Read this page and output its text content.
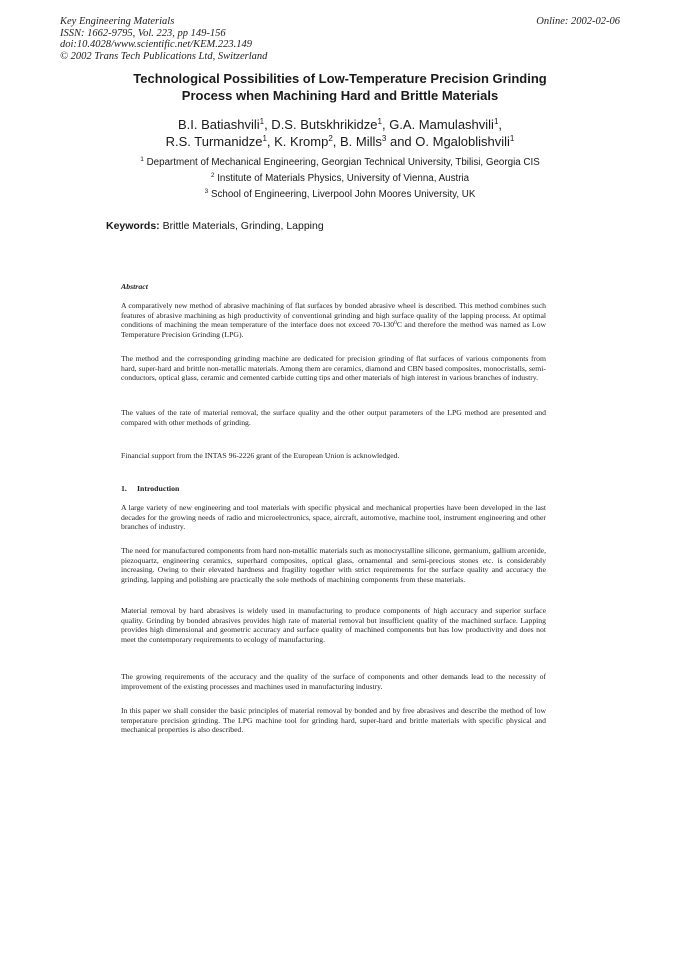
Key Engineering Materials
ISSN: 1662-9795, Vol. 223, pp 149-156
doi:10.4028/www.scientific.net/KEM.223.149
© 2002 Trans Tech Publications Ltd, Switzerland
Online: 2002-02-06
Technological Possibilities of Low-Temperature Precision Grinding
Process when Machining Hard and Brittle Materials
B.I. Batiashvili$^1$, D.S. Butskhrikidze$^1$, G.A. Mamulashvili$^1$,
R.S. Turmanidze$^1$, K. Kromp$^2$, B. Mills$^3$ and O. Mgaloblishvili$^1$
$^1$ Department of Mechanical Engineering, Georgian Technical University, Tbilisi, Georgia CIS
$^2$ Institute of Materials Physics, University of Vienna, Austria
$^3$ School of Engineering, Liverpool John Moores University, UK
Keywords: Brittle Materials, Grinding, Lapping
Abstract
A comparatively new method of abrasive machining of flat surfaces by bonded abrasive wheel is described. This method combines such features of abrasive machining as high productivity of conventional grinding and high surface quality of the lapping process. At optimal conditions of machining the mean temperature of the interface does not exceed $70-130^0C$ and therefore the method was named as Low Temperature Precision Grinding (LPG).
The method and the corresponding grinding machine are dedicated for precision grinding of flat surfaces of various components from hard, super-hard and brittle non-metallic materials. Among them are ceramics, diamond and CBN based composites, monocristalls, semi-conductors, optical glass, ceramic and cemented carbide cutting tips and other materials of high interest in various branches of industry.
The values of the rate of material removal, the surface quality and the other output parameters of the LPG method are presented and compared with other methods of grinding.
Financial support from the INTAS 96-2226 grant of the European Union is acknowledged.
1. Introduction
A large variety of new engineering and tool materials with specific physical and mechanical properties have been developed in the last decades for the growing needs of radio and microelectronics, space, aircraft, automotive, machine tool, instrument engineering and other branches of industry.
The need for manufactured components from hard non-metallic materials such as monocrystalline silicone, germanium, gallium arcenide, piezoquartz, engineering ceramics, superhard composites, optical glass, ornamental and semi-precious stones etc. is considerably increasing. Owing to their elevated hardness and fragility together with strict requirements for the surface quality and accuracy the grinding, lapping and polishing are practically the sole methods of machining components from these materials.
Material removal by hard abrasives is widely used in manufacturing to produce components of high accuracy and superior surface quality. Grinding by bonded abrasives provides high rate of material removal but insufficient quality of the machined surface. Lapping provides high dimensional and geometric accuracy and surface quality of machined components but has low productivity and does not meet the contemporary requirements to ecology of manufacturing.
The growing requirements of the accuracy and the quality of the surface of components and other demands lead to the necessity of improvement of the existing processes and machines used in manufacturing industry.
In this paper we shall consider the basic principles of material removal by bonded and by free abrasives and describe the method of low temperature precision grinding. The LPG machine tool for grinding hard, super-hard and brittle materials with specific physical and mechanical properties is also described.
